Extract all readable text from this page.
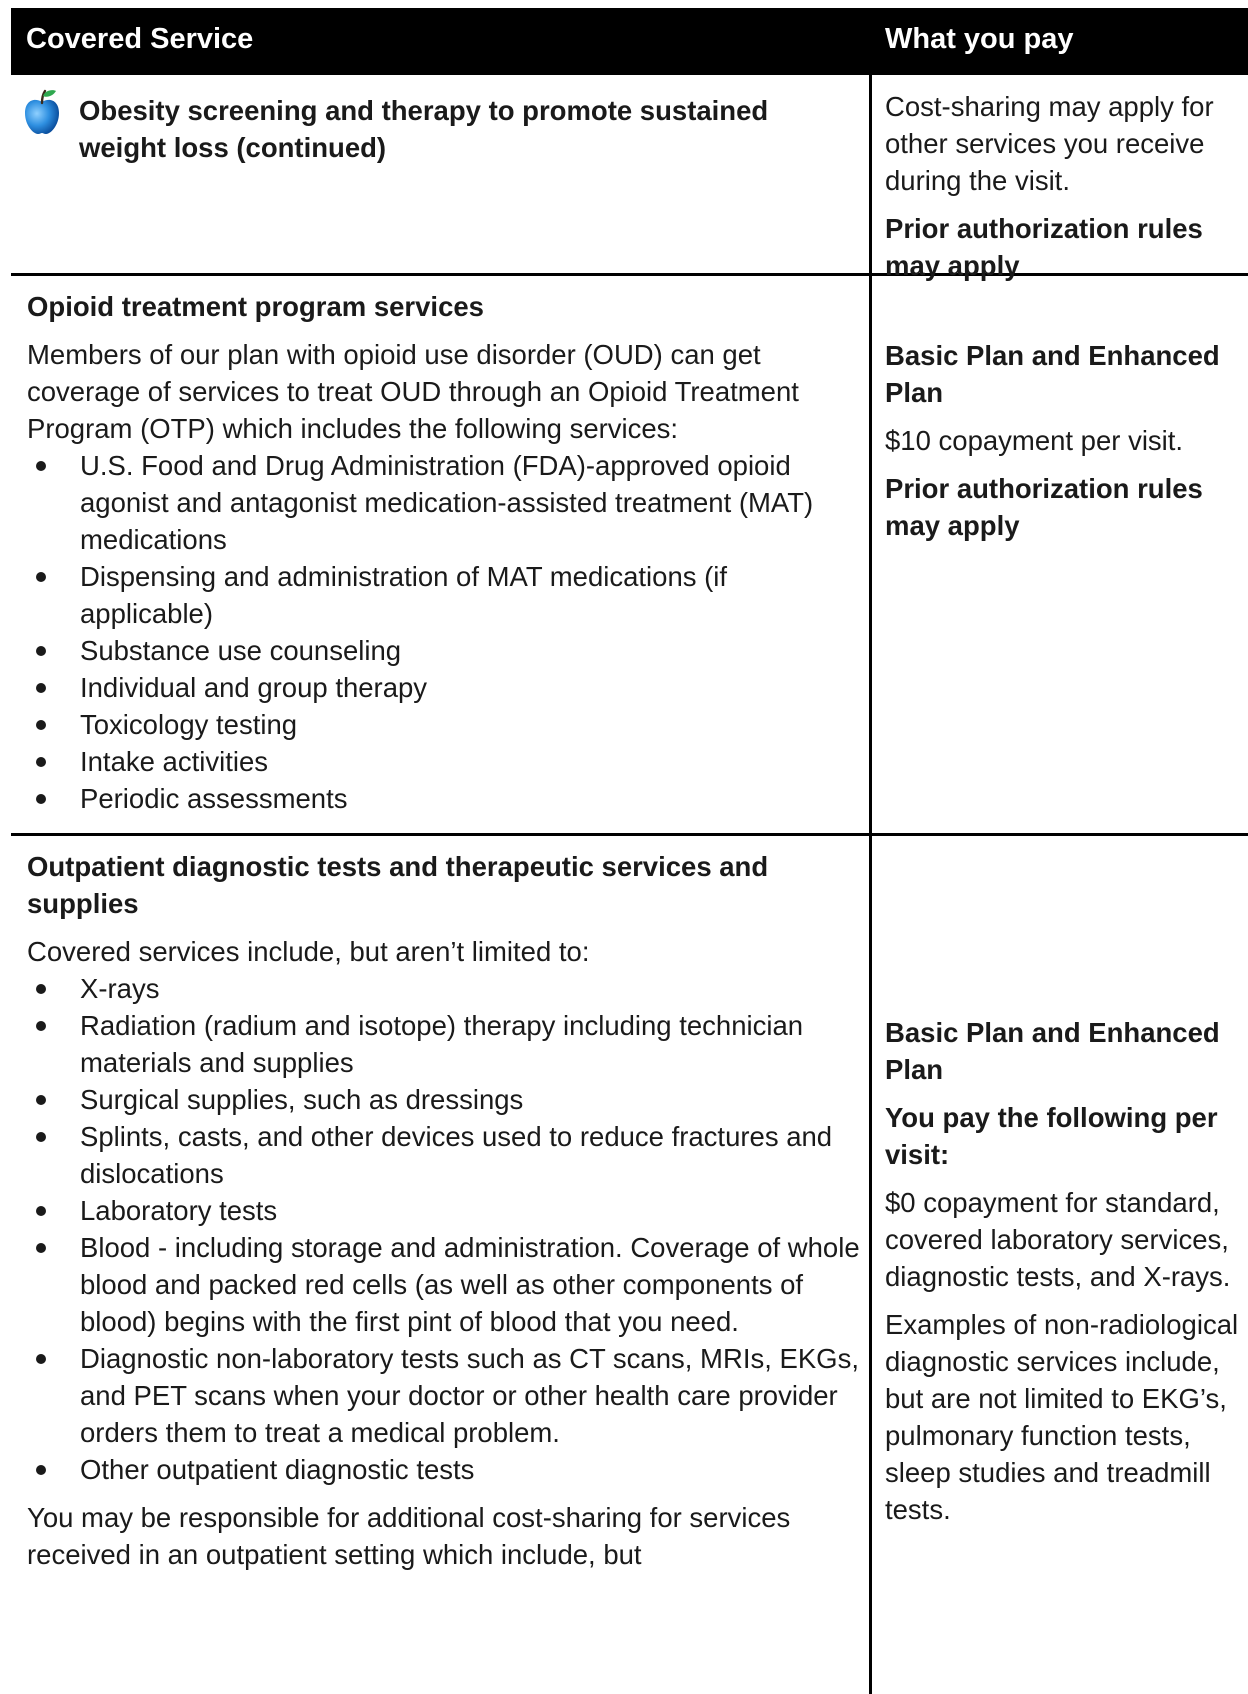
Covered Service	What you pay
Obesity screening and therapy to promote sustained weight loss (continued)

Cost-sharing may apply for other services you receive during the visit.

Prior authorization rules may apply

Opioid treatment program services

Members of our plan with opioid use disorder (OUD) can get coverage of services to treat OUD through an Opioid Treatment Program (OTP) which includes the following services:

U.S. Food and Drug Administration (FDA)-approved opioid agonist and antagonist medication-assisted treatment (MAT) medications
Dispensing and administration of MAT medications (if applicable)
Substance use counseling
Individual and group therapy
Toxicology testing
Intake activities
Periodic assessments

Basic Plan and Enhanced Plan

$10 copayment per visit.

Prior authorization rules may apply

Outpatient diagnostic tests and therapeutic services and supplies

Covered services include, but aren’t limited to:

X-rays
Radiation (radium and isotope) therapy including technician materials and supplies
Surgical supplies, such as dressings
Splints, casts, and other devices used to reduce fractures and dislocations
Laboratory tests
Blood - including storage and administration. Coverage of whole blood and packed red cells (as well as other components of blood) begins with the first pint of blood that you need.
Diagnostic non-laboratory tests such as CT scans, MRIs, EKGs, and PET scans when your doctor or other health care provider orders them to treat a medical problem.
Other outpatient diagnostic tests

You may be responsible for additional cost-sharing for services received in an outpatient setting which include, but

Basic Plan and Enhanced Plan

You pay the following per visit:

$0 copayment for standard, covered laboratory services, diagnostic tests, and X-rays.

Examples of non-radiological diagnostic services include, but are not limited to EKG’s, pulmonary function tests, sleep studies and treadmill tests.
